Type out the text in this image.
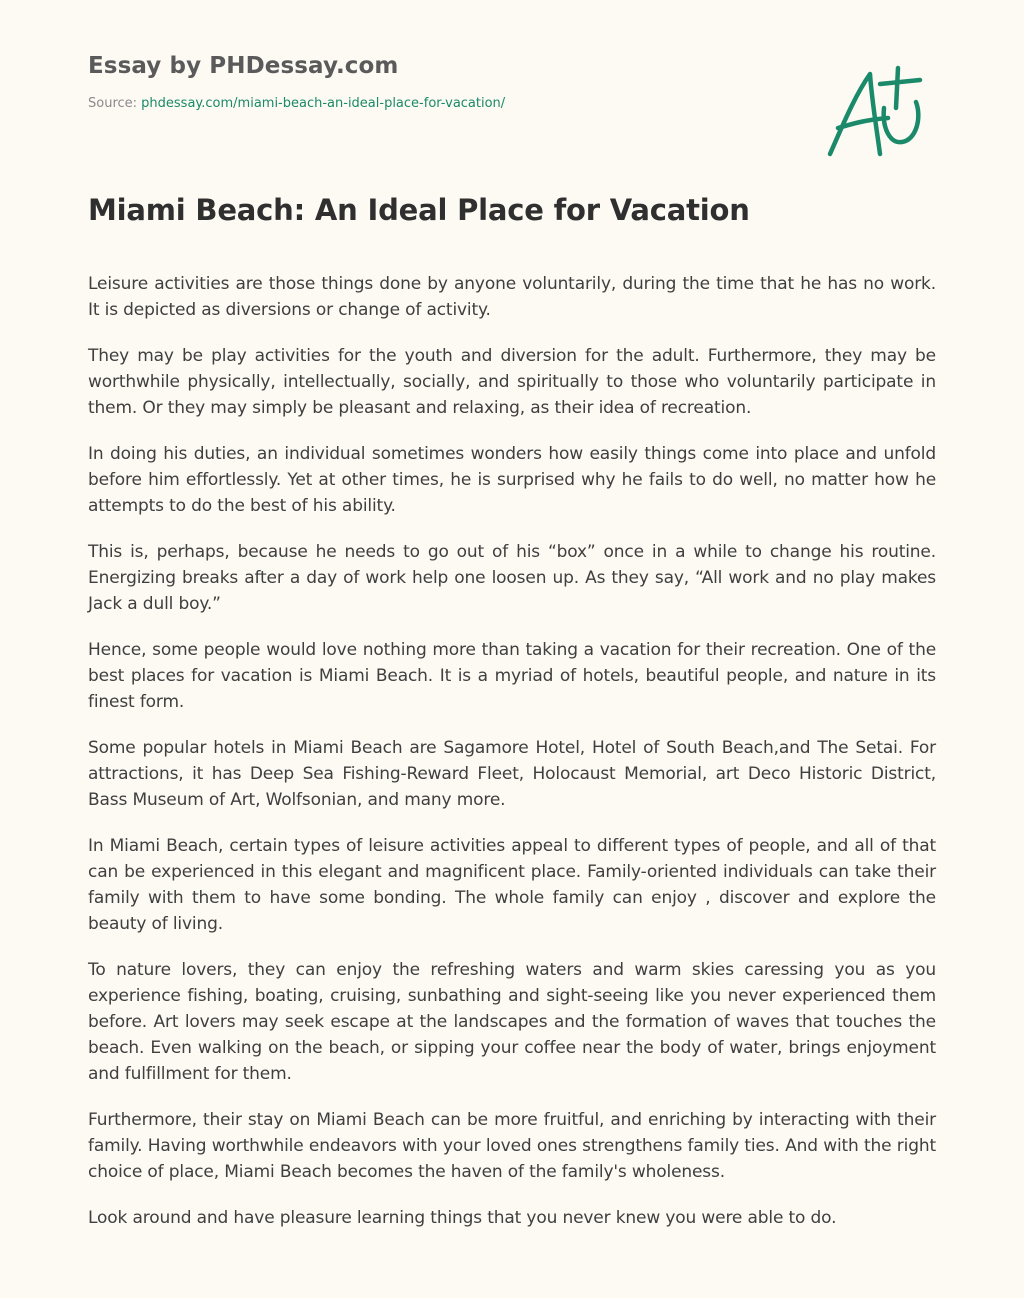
Essay by PHDessay.com
Source: phdessay.com/miami-beach-an-ideal-place-for-vacation/
Miami Beach: An Ideal Place for Vacation

Leisure activities are those things done by anyone voluntarily, during the time that he has no work. It is depicted as diversions or change of activity.

They may be play activities for the youth and diversion for the adult. Furthermore, they may be worthwhile physically, intellectually, socially, and spiritually to those who voluntarily participate in them. Or they may simply be pleasant and relaxing, as their idea of recreation.

In doing his duties, an individual sometimes wonders how easily things come into place and unfold before him effortlessly. Yet at other times, he is surprised why he fails to do well, no matter how he attempts to do the best of his ability.

This is, perhaps, because he needs to go out of his “box” once in a while to change his routine. Energizing breaks after a day of work help one loosen up. As they say, “All work and no play makes Jack a dull boy.”

Hence, some people would love nothing more than taking a vacation for their recreation. One of the best places for vacation is Miami Beach. It is a myriad of hotels, beautiful people, and nature in its finest form.

Some popular hotels in Miami Beach are Sagamore Hotel, Hotel of South Beach,and The Setai. For attractions, it has Deep Sea Fishing-Reward Fleet, Holocaust Memorial, art Deco Historic District, Bass Museum of Art, Wolfsonian, and many more.

In Miami Beach, certain types of leisure activities appeal to different types of people, and all of that can be experienced in this elegant and magnificent place. Family-oriented individuals can take their family with them to have some bonding. The whole family can enjoy , discover and explore the beauty of living.

To nature lovers, they can enjoy the refreshing waters and warm skies caressing you as you experience fishing, boating, cruising, sunbathing and sight-seeing like you never experienced them before. Art lovers may seek escape at the landscapes and the formation of waves that touches the beach. Even walking on the beach, or sipping your coffee near the body of water, brings enjoyment and fulfillment for them.

Furthermore, their stay on Miami Beach can be more fruitful, and enriching by interacting with their family. Having worthwhile endeavors with your loved ones strengthens family ties. And with the right choice of place, Miami Beach becomes the haven of the family's wholeness.

Look around and have pleasure learning things that you never knew you were able to do.
